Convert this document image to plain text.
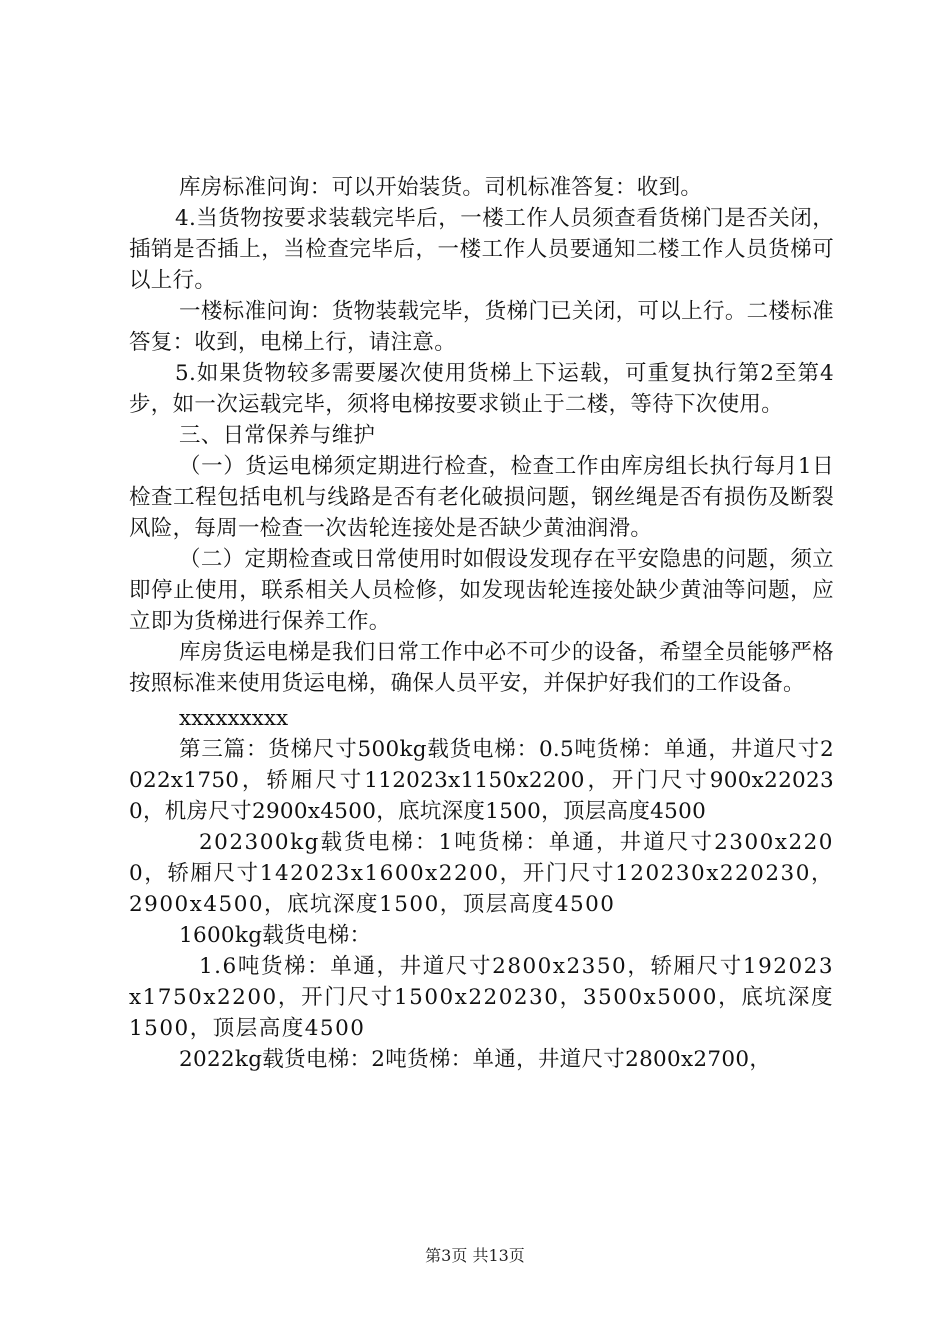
库房标准问询：可以开始装货。司机标准答复：收到。

4.当货物按要求装载完毕后，一楼工作人员须查看货梯门是否关闭，插销是否插上，当检查完毕后，一楼工作人员要通知二楼工作人员货梯可以上行。

一楼标准问询：货物装载完毕，货梯门已关闭，可以上行。二楼标准答复：收到，电梯上行，请注意。

5.如果货物较多需要屡次使用货梯上下运载，可重复执行第2至第4步，如一次运载完毕，须将电梯按要求锁止于二楼，等待下次使用。

三、日常保养与维护

（一）货运电梯须定期进行检查，检查工作由库房组长执行每月1日检查工程包括电机与线路是否有老化破损问题，钢丝绳是否有损伤及断裂风险，每周一检查一次齿轮连接处是否缺少黄油润滑。

（二）定期检查或日常使用时如假设发现存在平安隐患的问题，须立即停止使用，联系相关人员检修，如发现齿轮连接处缺少黄油等问题，应立即为货梯进行保养工作。

库房货运电梯是我们日常工作中必不可少的设备，希望全员能够严格按照标准来使用货运电梯，确保人员平安，并保护好我们的工作设备。

xxxxxxxxx

第三篇：货梯尺寸500kg载货电梯：0.5吨货梯：单通，井道尺寸2022x1750，轿厢尺寸112023x1150x2200，开门尺寸900x220230，机房尺寸2900x4500，底坑深度1500，顶层高度4500

202300kg载货电梯：1吨货梯：单通，井道尺寸2300x2200，轿厢尺寸142023x1600x2200，开门尺寸120230x220230，2900x4500，底坑深度1500，顶层高度4500

1600kg载货电梯：

1.6吨货梯：单通，井道尺寸2800x2350，轿厢尺寸192023x1750x2200，开门尺寸1500x220230，3500x5000，底坑深度1500，顶层高度4500

2022kg载货电梯：2吨货梯：单通，井道尺寸2800x2700，

第3页 共13页
